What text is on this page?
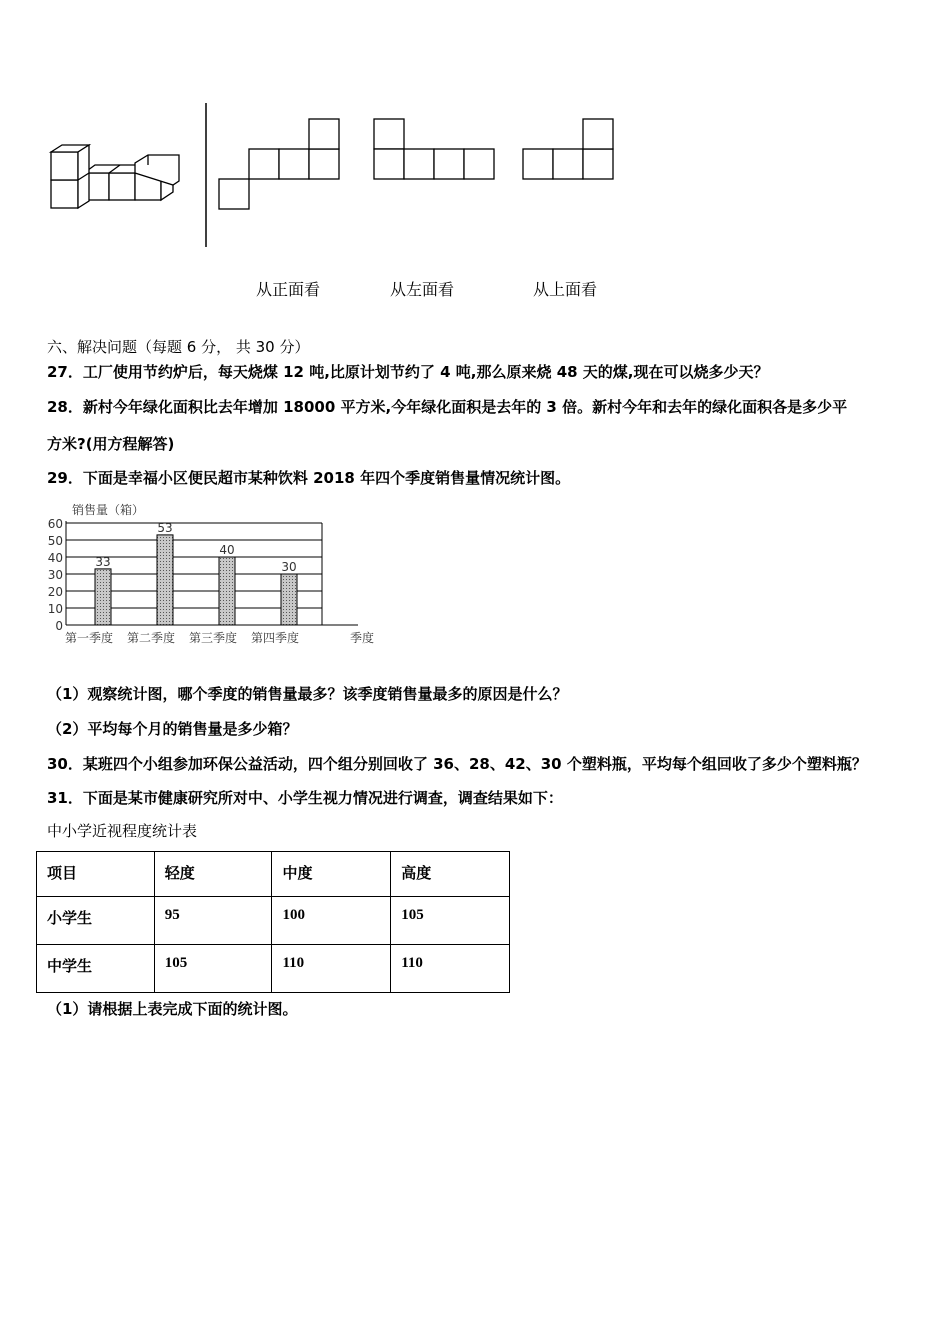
从正面看	从左面看	从上面看
六、解决问题（每题 6 分， 共 30 分）
27．工厂使用节约炉后，每天烧煤 12 吨,比原计划节约了 4 吨,那么原来烧 48 天的煤,现在可以烧多少天？
28．新村今年绿化面积比去年增加 18000 平方米,今年绿化面积是去年的 3 倍。新村今年和去年的绿化面积各是多少平
方米?(用方程解答)
29．下面是幸福小区便民超市某种饮料 2018 年四个季度销售量情况统计图。
0
10
20
30
40
50
60
销售量（箱）
33
第一季度
53
第二季度
40
第三季度
30
第四季度	季度
（1）观察统计图，哪个季度的销售量最多？该季度销售量最多的原因是什么？
（2）平均每个月的销售量是多少箱？
30．某班四个小组参加环保公益活动，四个组分别回收了 36、28、42、30 个塑料瓶，平均每个组回收了多少个塑料瓶？
31．下面是某市健康研究所对中、小学生视力情况进行调查，调查结果如下：
中小学近视程度统计表
项目	轻度	中度	高度
小学生	95	100	105
中学生	105	110	110
（1）请根据上表完成下面的统计图。
